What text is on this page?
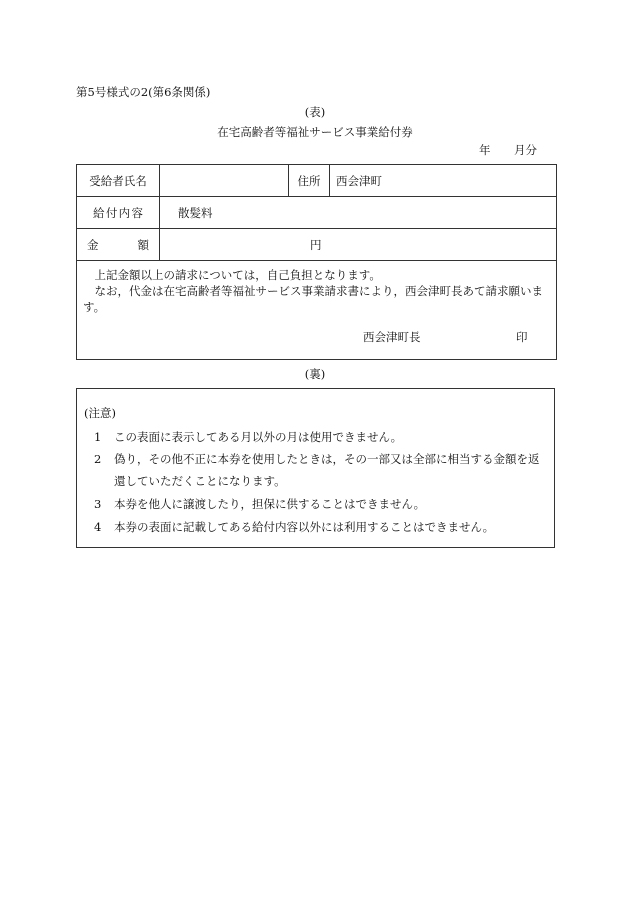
第5号様式の2(第6条関係)
(表)
在宅高齢者等福祉サービス事業給付券
年 月分
受給者氏名		住所	西会津町

給 付 内 容	散髪料		

金 額	円		

上記金額以上の請求については，自己負担となります。

なお，代金は在宅高齢者等福祉サービス事業請求書により，西会津町長あて請求願います。

西会津町長 印			
(裏)
(注意)
1 この表面に表示してある月以外の月は使用できません。
2 偽り，その他不正に本券を使用したときは，その一部又は全部に相当する金額を返
還していただくことになります。
3 本券を他人に譲渡したり，担保に供することはできません。
4 本券の表面に記載してある給付内容以外には利用することはできません。
